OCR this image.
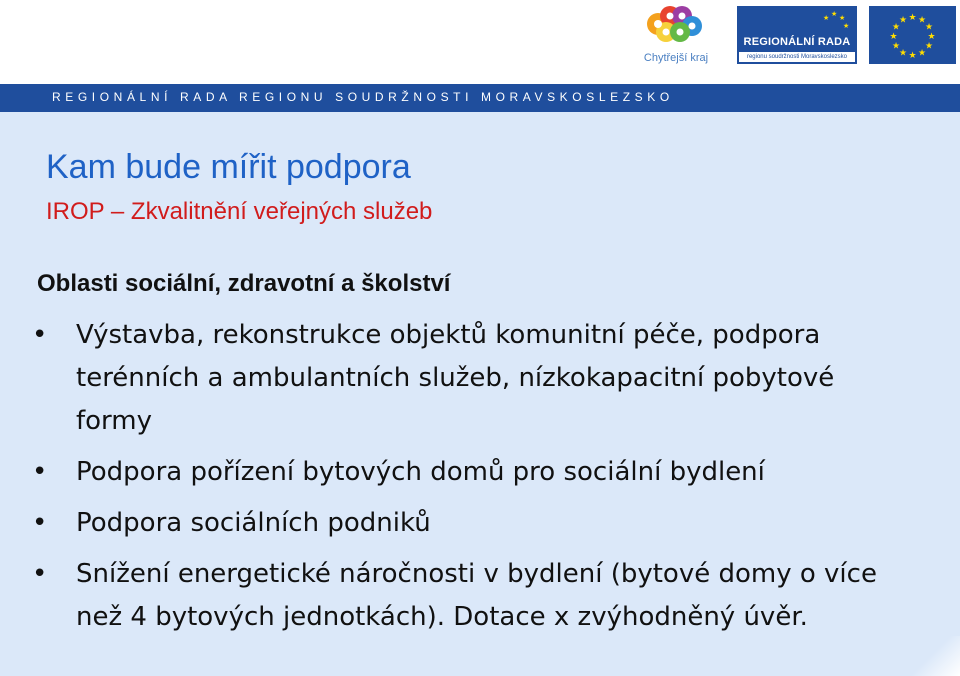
Chytřejší kraj
★ ★
★
★
REGIONÁLNÍ RADA
regionu soudržnosti Moravskoslezsko
★ ★
★
★
★
★
★
★
★
★
★
★
REGIONÁLNÍ RADA REGIONU SOUDRŽNOSTI MORAVSKOSLEZSKO
Kam bude mířit podpora
IROP – Zkvalitnění veřejných služeb
Oblasti sociální, zdravotní a školství
• Výstavba, rekonstrukce objektů komunitní péče, podpora terénních a ambulantních služeb, nízkokapacitní pobytové formy
• Podpora pořízení bytových domů pro sociální bydlení
• Podpora sociálních podniků
• Snížení energetické náročnosti v bydlení (bytové domy o více než 4 bytových jednotkách). Dotace x zvýhodněný úvěr.
